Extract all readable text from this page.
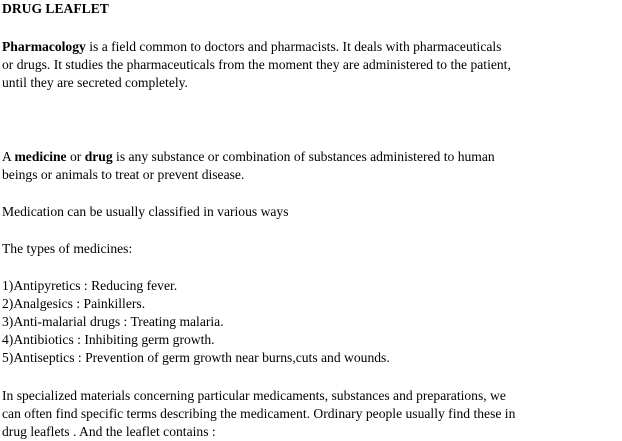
DRUG LEAFLET
Pharmacology is a field common to doctors and pharmacists. It deals with pharmaceuticals
or drugs. It studies the pharmaceuticals from the moment they are administered to the patient,
until they are secreted completely.
A medicine or drug is any substance or combination of substances administered to human
beings or animals to treat or prevent disease.
Medication can be usually classified in various ways
The types of medicines:
1)Antipyretics : Reducing fever.
2)Analgesics : Painkillers.
3)Anti-malarial drugs : Treating malaria.
4)Antibiotics : Inhibiting germ growth.
5)Antiseptics : Prevention of germ growth near burns,cuts and wounds.
In specialized materials concerning particular medicaments, substances and preparations, we
can often find specific terms describing the medicament. Ordinary people usually find these in
drug leaflets . And the leaflet contains :
